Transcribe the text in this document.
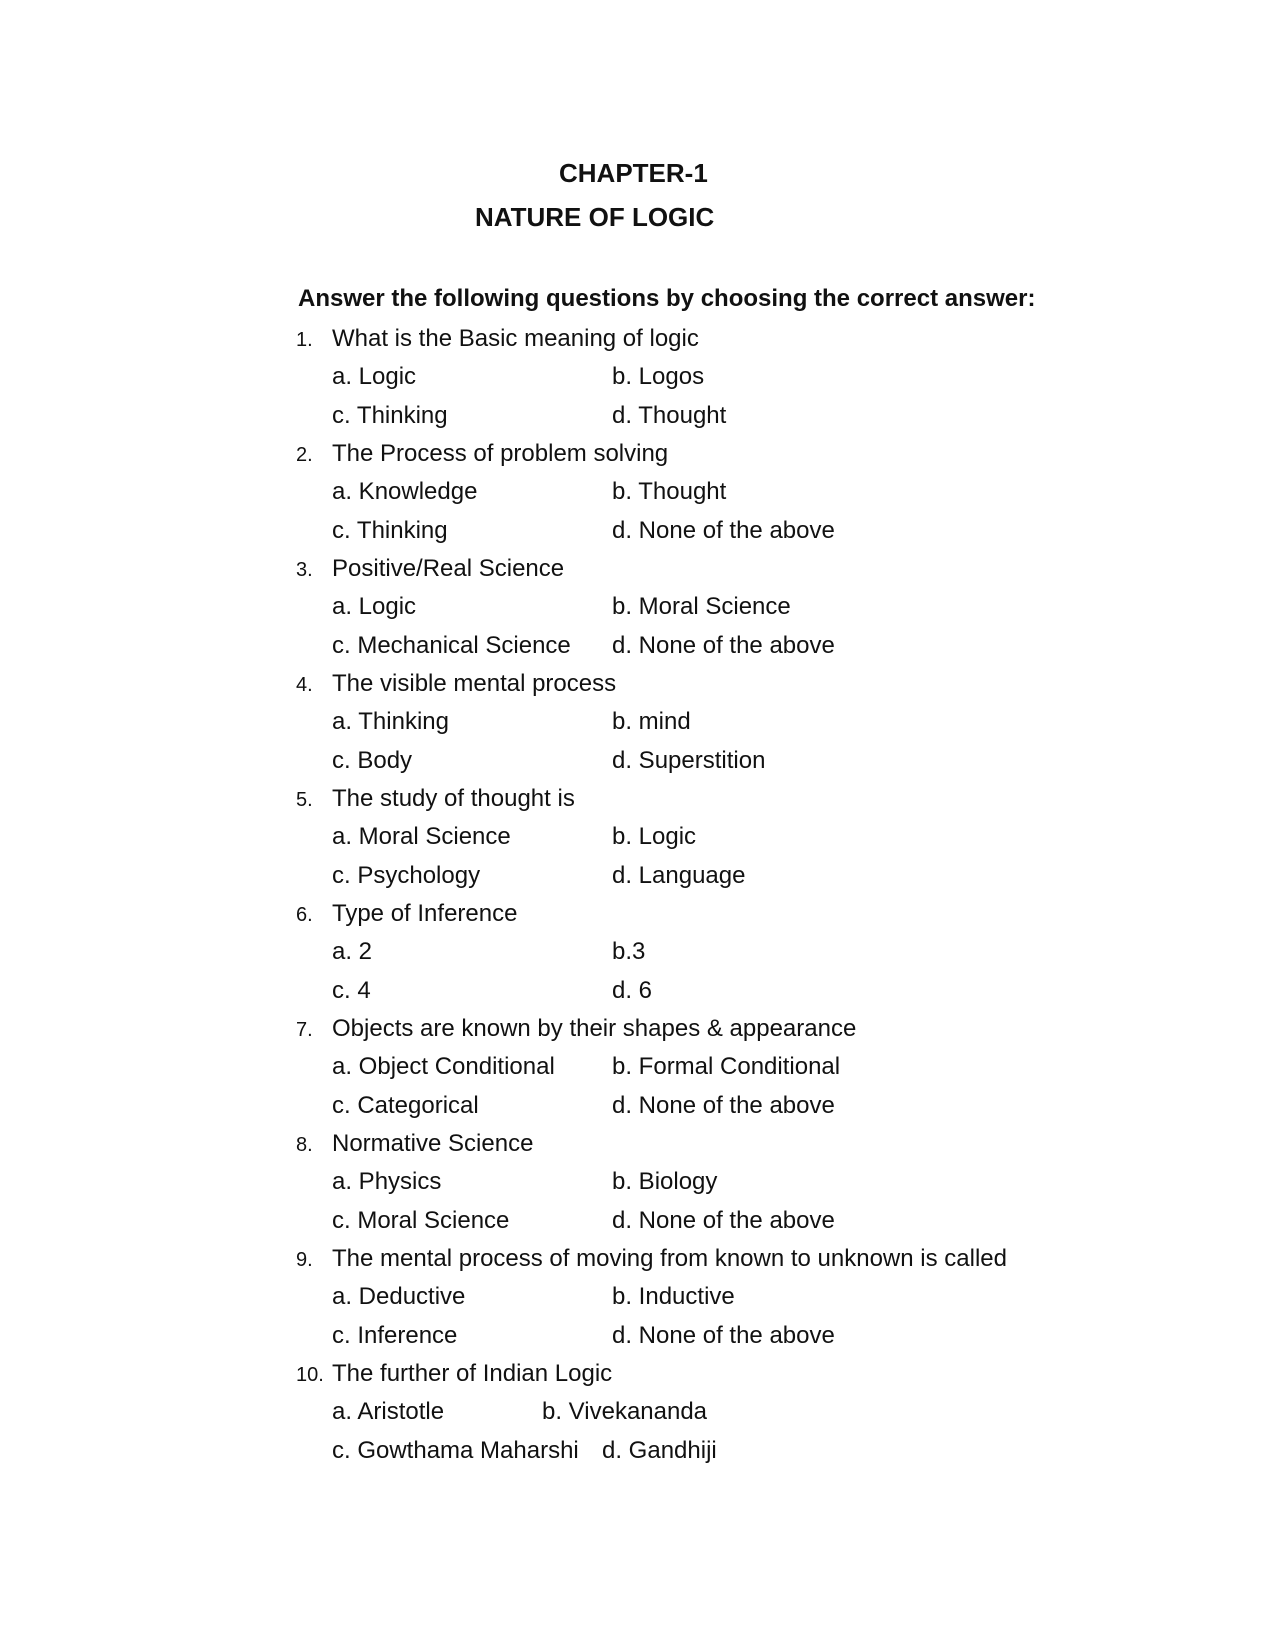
CHAPTER-1
NATURE OF LOGIC
Answer the following questions by choosing the correct answer:
1. What is the Basic meaning of logic
a. Logic	b. Logos
c. Thinking	d. Thought
2. The Process of problem solving
a. Knowledge	b. Thought
c. Thinking	d. None of the above
3. Positive/Real Science
a. Logic	b. Moral Science
c. Mechanical Science d. None of the above
4. The visible mental process
a. Thinking	b. mind
c. Body	d. Superstition
5. The study of thought is
a. Moral Science	b. Logic
c. Psychology	d. Language
6. Type of Inference
a. 2	b.3
c. 4	d. 6
7. Objects are known by their shapes & appearance
a. Object Conditional b. Formal Conditional
c. Categorical	d. None of the above
8. Normative Science
a. Physics	b. Biology
c. Moral Science	d. None of the above
9. The mental process of moving from known to unknown is called
a. Deductive	b. Inductive
c. Inference	d. None of the above
10. The further of Indian Logic
a. Aristotle	b. Vivekananda
c. Gowthama Maharshi d. Gandhiji
